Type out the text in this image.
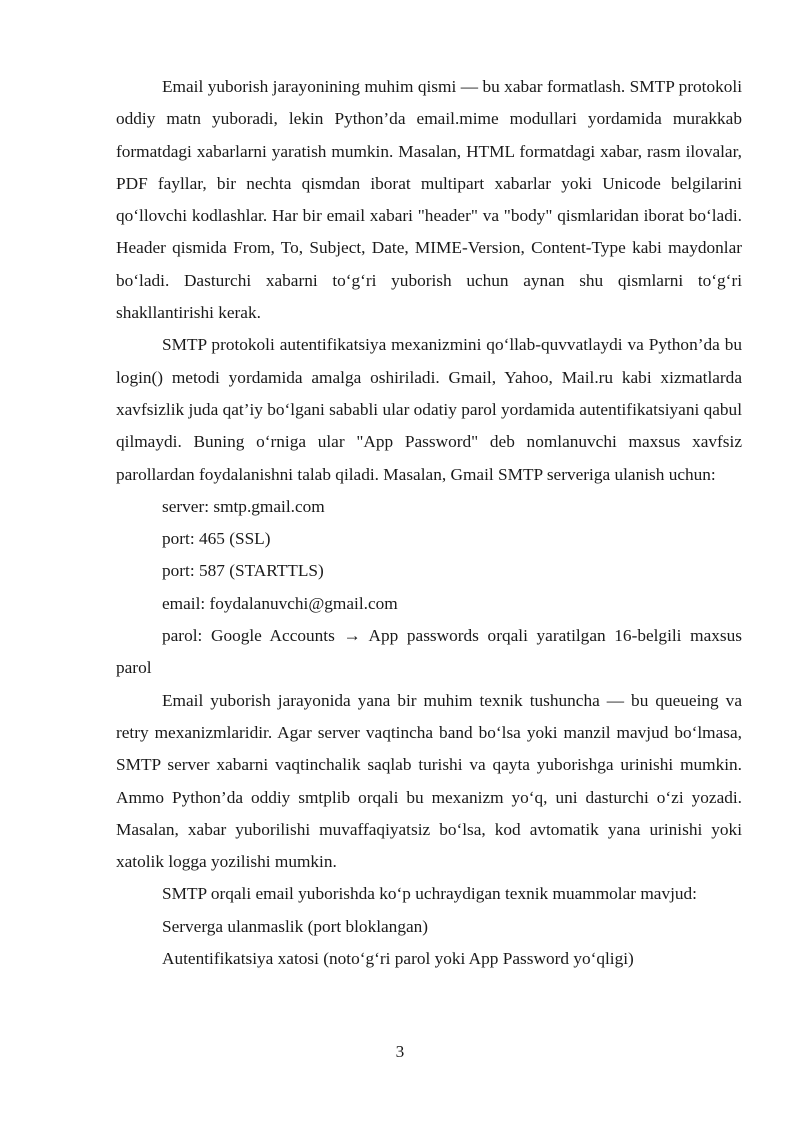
Email yuborish jarayonining muhim qismi — bu xabar formatlash. SMTP protokoli oddiy matn yuboradi, lekin Python’da email.mime modullari yordamida murakkab formatdagi xabarlarni yaratish mumkin. Masalan, HTML formatdagi xabar, rasm ilovalar, PDF fayllar, bir nechta qismdan iborat multipart xabarlar yoki Unicode belgilarini qo‘llovchi kodlashlar. Har bir email xabari "header" va "body" qismlaridan iborat bo‘ladi. Header qismida From, To, Subject, Date, MIME-Version, Content-Type kabi maydonlar bo‘ladi. Dasturchi xabarni to‘g‘ri yuborish uchun aynan shu qismlarni to‘g‘ri shakllantirishi kerak.

SMTP protokoli autentifikatsiya mexanizmini qo‘llab-quvvatlaydi va Python’da bu login() metodi yordamida amalga oshiriladi. Gmail, Yahoo, Mail.ru kabi xizmatlarda xavfsizlik juda qat’iy bo‘lgani sababli ular odatiy parol yordamida autentifikatsiyani qabul qilmaydi. Buning o‘rniga ular "App Password" deb nomlanuvchi maxsus xavfsiz parollardan foydalanishni talab qiladi. Masalan, Gmail SMTP serveriga ulanish uchun:

server: smtp.gmail.com

port: 465 (SSL)

port: 587 (STARTTLS)

email: foydalanuvchi@gmail.com

parol: Google Accounts → App passwords orqali yaratilgan 16-belgili maxsus parol

Email yuborish jarayonida yana bir muhim texnik tushuncha — bu queueing va retry mexanizmlaridir. Agar server vaqtincha band bo‘lsa yoki manzil mavjud bo‘lmasa, SMTP server xabarni vaqtinchalik saqlab turishi va qayta yuborishga urinishi mumkin. Ammo Python’da oddiy smtplib orqali bu mexanizm yo‘q, uni dasturchi o‘zi yozadi. Masalan, xabar yuborilishi muvaffaqiyatsiz bo‘lsa, kod avtomatik yana urinishi yoki xatolik logga yozilishi mumkin.

SMTP orqali email yuborishda ko‘p uchraydigan texnik muammolar mavjud:

Serverga ulanmaslik (port bloklangan)

Autentifikatsiya xatosi (noto‘g‘ri parol yoki App Password yo‘qligi)

3
